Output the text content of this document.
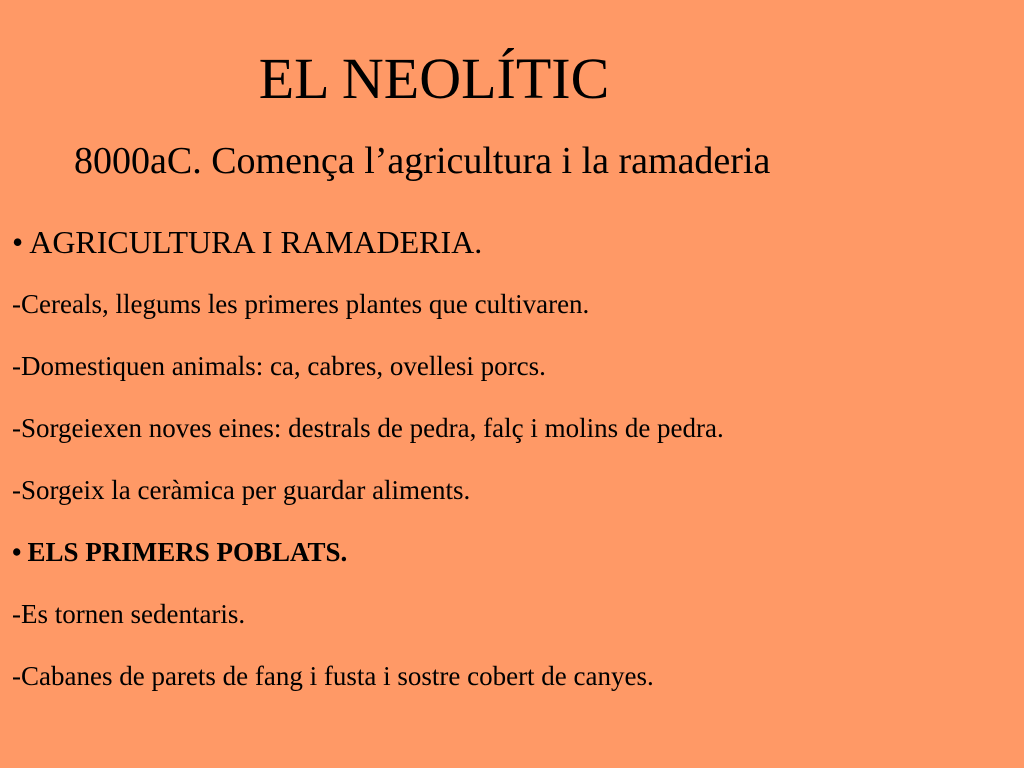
EL NEOLÍTIC
8000aC. Comença l’agricultura i la ramaderia
• AGRICULTURA I RAMADERIA.
-Cereals, llegums les primeres plantes que cultivaren.
-Domestiquen animals: ca, cabres, ovellesi porcs.
-Sorgeiexen noves eines: destrals de pedra, falç i molins de pedra.
-Sorgeix la ceràmica per guardar aliments.
• ELS PRIMERS POBLATS.
-Es tornen sedentaris.
-Cabanes de parets de fang i fusta i sostre cobert de canyes.
